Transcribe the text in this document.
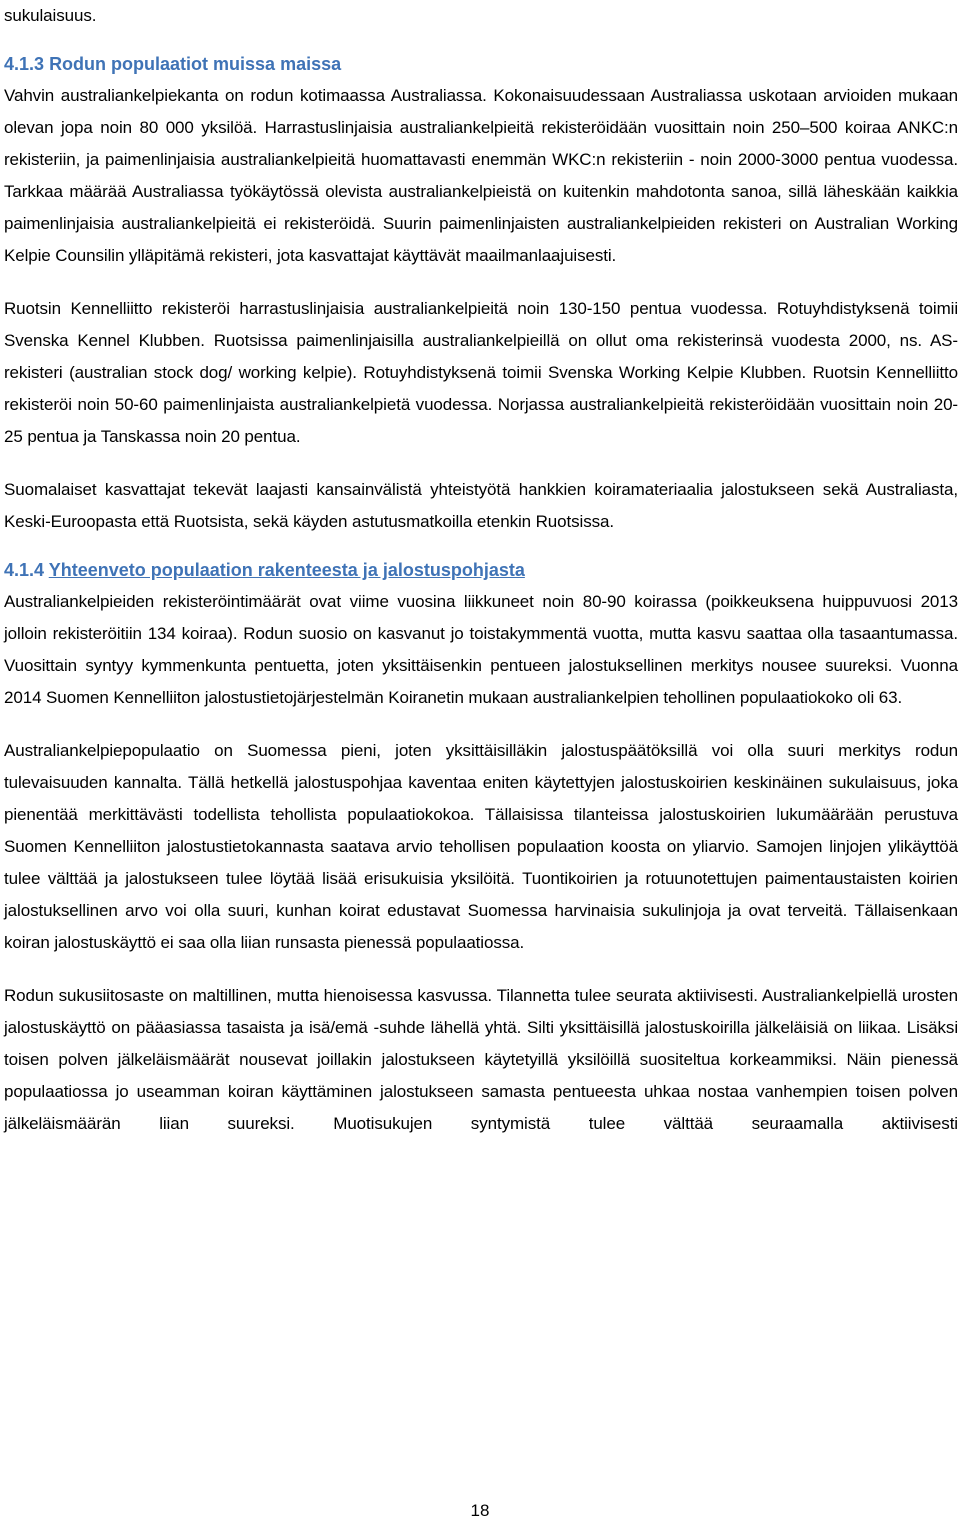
sukulaisuus.

4.1.3 Rodun populaatiot muissa maissa

Vahvin australiankelpiekanta on rodun kotimaassa Australiassa. Kokonaisuudessaan Australiassa uskotaan arvioiden mukaan olevan jopa noin 80 000 yksilöä. Harrastuslinjaisia australiankelpieitä rekisteröidään vuosittain noin 250–500 koiraa ANKC:n rekisteriin, ja paimenlinjaisia australiankelpieitä huomattavasti enemmän WKC:n rekisteriin - noin 2000-3000 pentua vuodessa. Tarkkaa määrää Australiassa työkäytössä olevista australiankelpieistä on kuitenkin mahdotonta sanoa, sillä läheskään kaikkia paimenlinjaisia australiankelpieitä ei rekisteröidä. Suurin paimenlinjaisten australiankelpieiden rekisteri on Australian Working Kelpie Counsilin ylläpitämä rekisteri, jota kasvattajat käyttävät maailmanlaajuisesti.

Ruotsin Kennelliitto rekisteröi harrastuslinjaisia australiankelpieitä noin 130-150 pentua vuodessa. Rotuyhdistyksenä toimii Svenska Kennel Klubben. Ruotsissa paimenlinjaisilla australiankelpieillä on ollut oma rekisterinsä vuodesta 2000, ns. AS-rekisteri (australian stock dog/ working kelpie). Rotuyhdistyksenä toimii Svenska Working Kelpie Klubben. Ruotsin Kennelliitto rekisteröi noin 50-60 paimenlinjaista australiankelpietä vuodessa. Norjassa australiankelpieitä rekisteröidään vuosittain noin 20-25 pentua ja Tanskassa noin 20 pentua.

Suomalaiset kasvattajat tekevät laajasti kansainvälistä yhteistyötä hankkien koiramateriaalia jalostukseen sekä Australiasta, Keski-Euroopasta että Ruotsista, sekä käyden astutusmatkoilla etenkin Ruotsissa.

4.1.4 Yhteenveto populaation rakenteesta ja jalostuspohjasta

Australiankelpieiden rekisteröintimäärät ovat viime vuosina liikkuneet noin 80-90 koirassa (poikkeuksena huippuvuosi 2013 jolloin rekisteröitiin 134 koiraa). Rodun suosio on kasvanut jo toistakymmentä vuotta, mutta kasvu saattaa olla tasaantumassa. Vuosittain syntyy kymmenkunta pentuetta, joten yksittäisenkin pentueen jalostuksellinen merkitys nousee suureksi. Vuonna 2014 Suomen Kennelliiton jalostustietojärjestelmän Koiranetin mukaan australiankelpien tehollinen populaatiokoko oli 63.

Australiankelpiepopulaatio on Suomessa pieni, joten yksittäisilläkin jalostuspäätöksillä voi olla suuri merkitys rodun tulevaisuuden kannalta. Tällä hetkellä jalostuspohjaa kaventaa eniten käytettyjen jalostuskoirien keskinäinen sukulaisuus, joka pienentää merkittävästi todellista tehollista populaatiokokoa. Tällaisissa tilanteissa jalostuskoirien lukumäärään perustuva Suomen Kennelliiton jalostustietokannasta saatava arvio tehollisen populaation koosta on yliarvio. Samojen linjojen ylikäyttöä tulee välttää ja jalostukseen tulee löytää lisää erisukuisia yksilöitä. Tuontikoirien ja rotuunotettujen paimentaustaisten koirien jalostuksellinen arvo voi olla suuri, kunhan koirat edustavat Suomessa harvinaisia sukulinjoja ja ovat terveitä. Tällaisenkaan koiran jalostuskäyttö ei saa olla liian runsasta pienessä populaatiossa.

Rodun sukusiitosaste on maltillinen, mutta hienoisessa kasvussa. Tilannetta tulee seurata aktiivisesti. Australiankelpiellä urosten jalostuskäyttö on pääasiassa tasaista ja isä/emä -suhde lähellä yhtä. Silti yksittäisillä jalostuskoirilla jälkeläisiä on liikaa. Lisäksi toisen polven jälkeläismäärät nousevat joillakin jalostukseen käytetyillä yksilöillä suositeltua korkeammiksi. Näin pienessä populaatiossa jo useamman koiran käyttäminen jalostukseen samasta pentueesta uhkaa nostaa vanhempien toisen polven jälkeläismäärän liian suureksi. Muotisukujen syntymistä tulee välttää seuraamalla aktiivisesti

18
